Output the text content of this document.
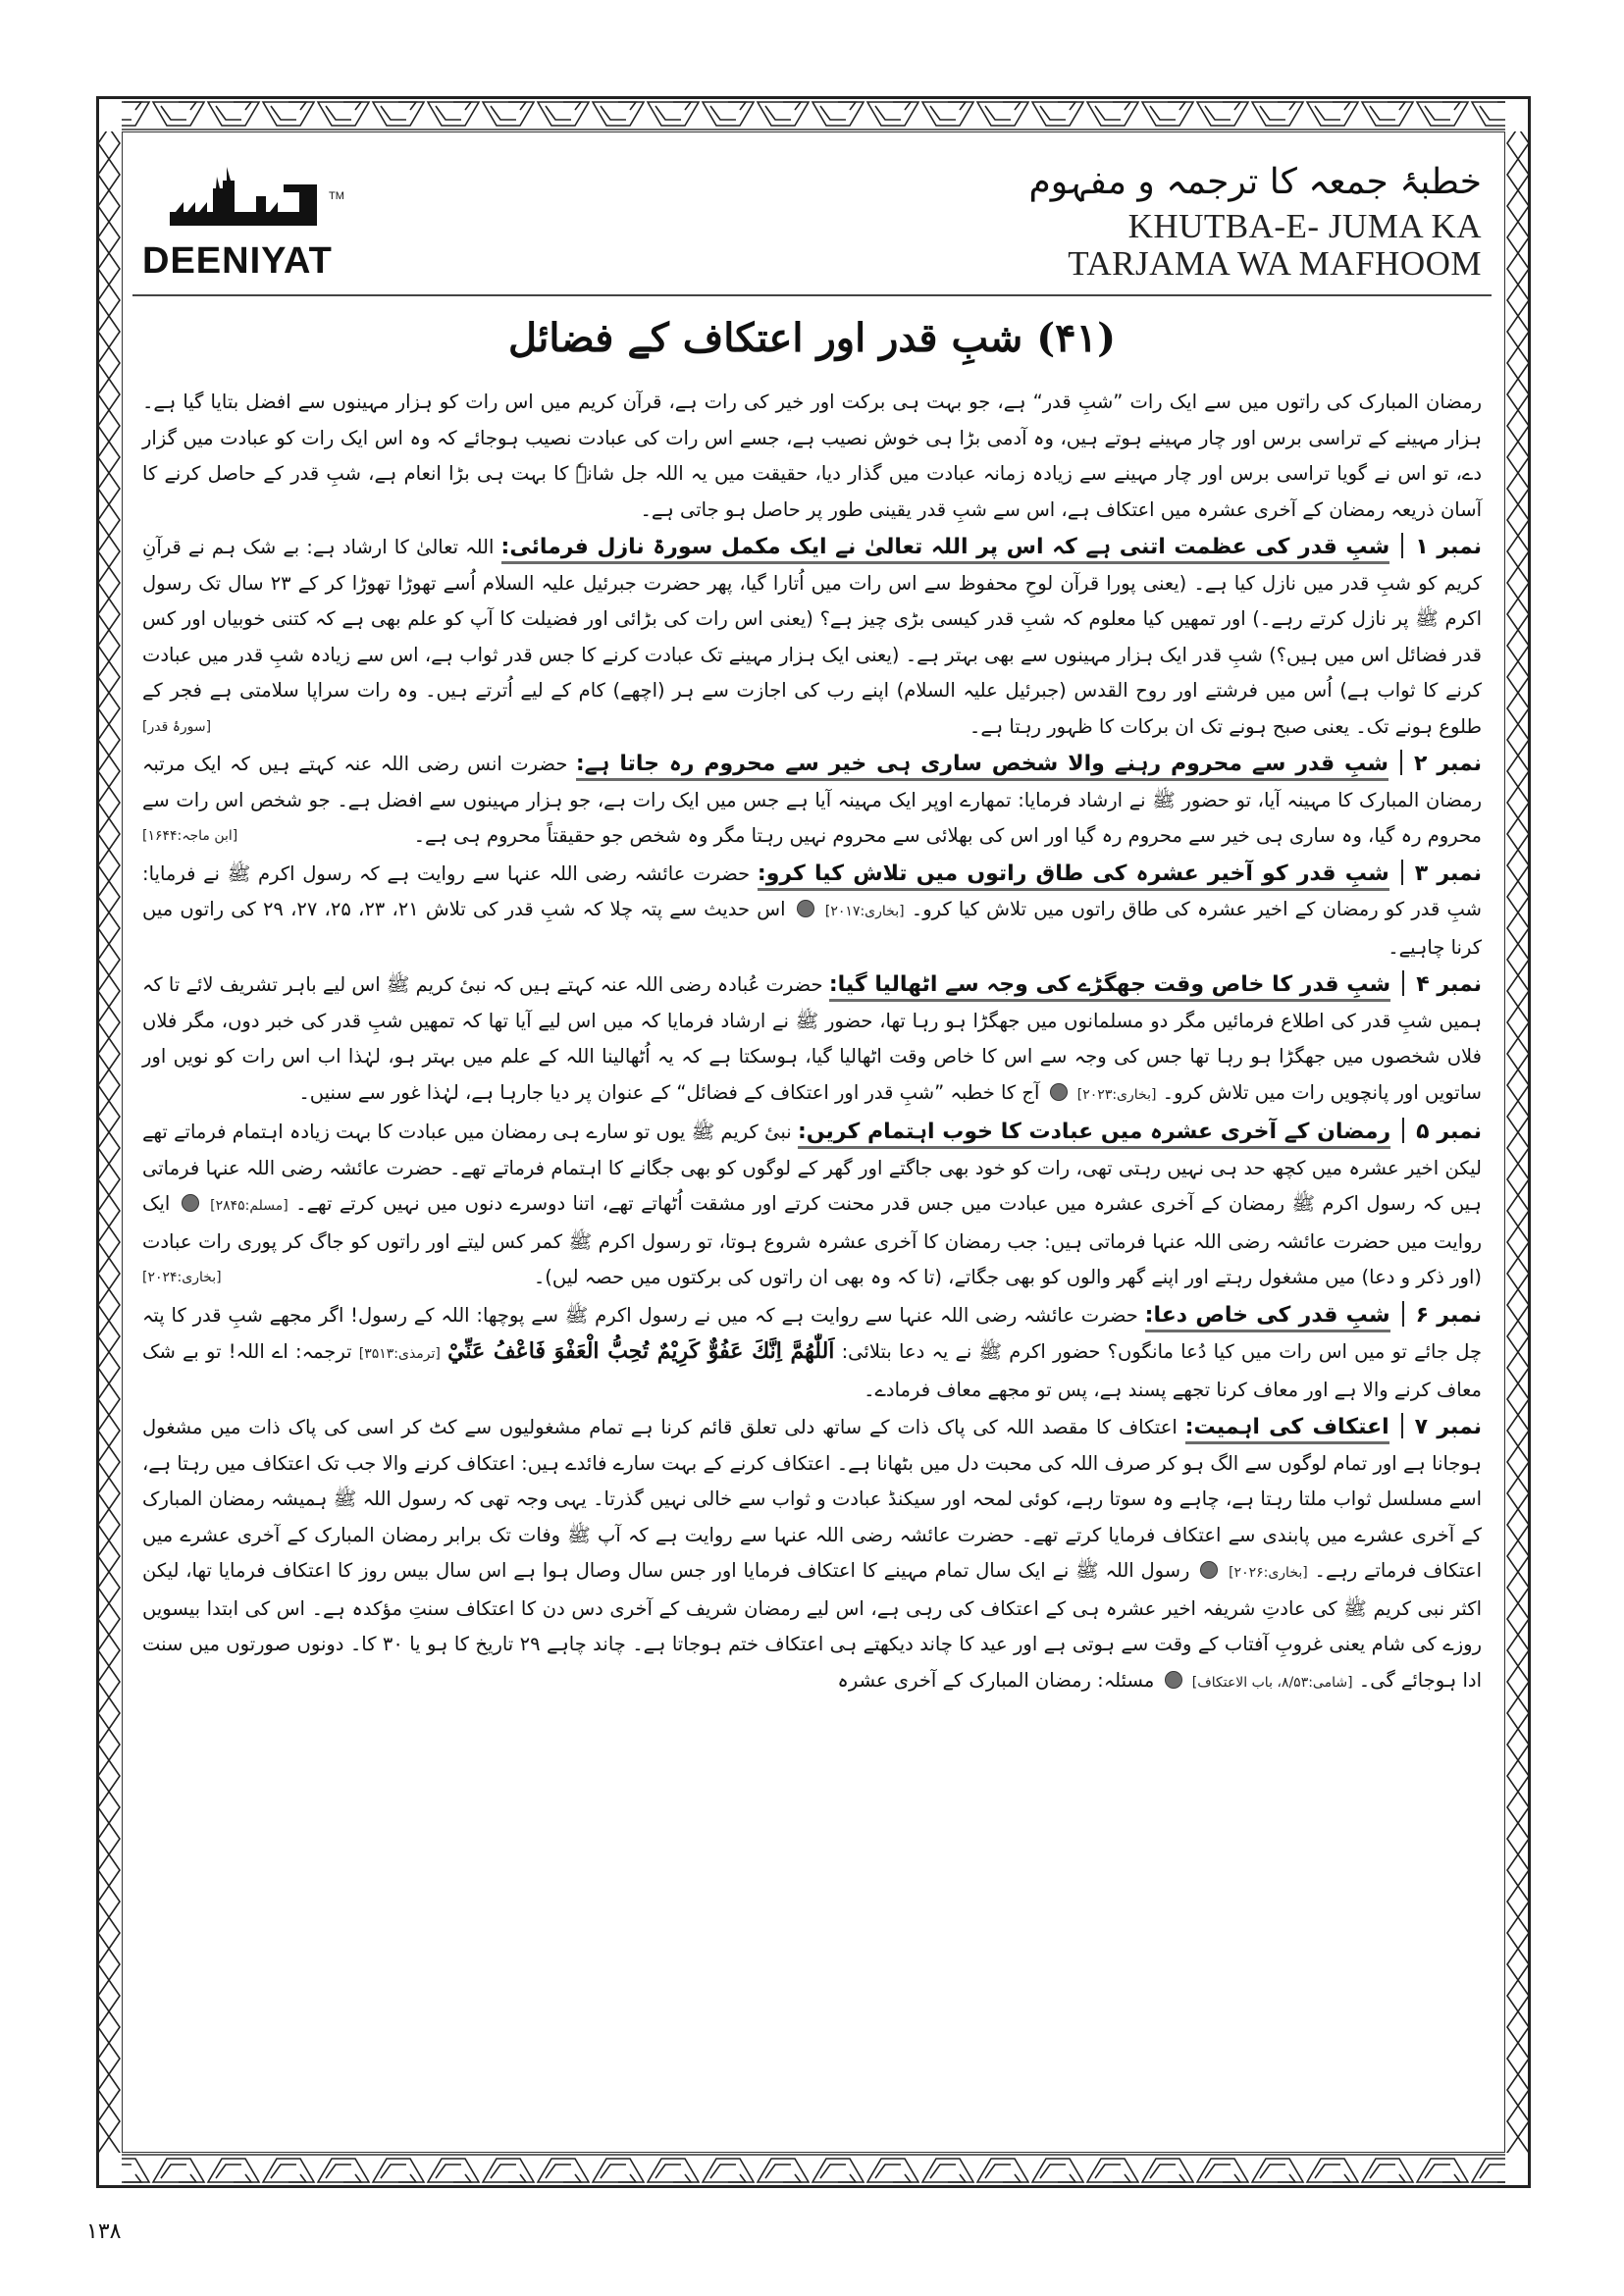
TM
DEENIYAT
خطبۂ جمعہ کا ترجمہ و مفہوم
KHUTBA-E- JUMA KA
TARJAMA WA MAFHOOM
(۴۱) شبِ قدر اور اعتکاف کے فضائل

رمضان المبارک کی راتوں میں سے ایک رات ”شبِ قدر“ ہے، جو بہت ہی برکت اور خیر کی رات ہے، قرآن کریم میں اس رات کو ہزار مہینوں سے افضل بتایا گیا ہے۔ ہزار مہینے کے تراسی برس اور چار مہینے ہوتے ہیں، وہ آدمی بڑا ہی خوش نصیب ہے، جسے اس رات کی عبادت نصیب ہوجائے کہ وہ اس ایک رات کو عبادت میں گزار دے، تو اس نے گویا تراسی برس اور چار مہینے سے زیادہ زمانہ عبادت میں گذار دیا، حقیقت میں یہ اللہ جل شانہٗ کا بہت ہی بڑا انعام ہے، شبِ قدر کے حاصل کرنے کا آسان ذریعہ رمضان کے آخری عشرہ میں اعتکاف ہے، اس سے شبِ قدر یقینی طور پر حاصل ہو جاتی ہے۔

نمبر ۱شبِ قدر کی عظمت اتنی ہے کہ اس پر اللہ تعالیٰ نے ایک مکمل سورۃ نازل فرمائی: اللہ تعالیٰ کا ارشاد ہے: بے شک ہم نے قرآنِ کریم کو شبِ قدر میں نازل کیا ہے۔ (یعنی پورا قرآن لوحِ محفوظ سے اس رات میں اُتارا گیا، پھر حضرت جبرئیل علیہ السلام اُسے تھوڑا تھوڑا کر کے ۲۳ سال تک رسول اکرم ﷺ پر نازل کرتے رہے۔) اور تمھیں کیا معلوم کہ شبِ قدر کیسی بڑی چیز ہے؟ (یعنی اس رات کی بڑائی اور فضیلت کا آپ کو علم بھی ہے کہ کتنی خوبیاں اور کس قدر فضائل اس میں ہیں؟) شبِ قدر ایک ہزار مہینوں سے بھی بہتر ہے۔ (یعنی ایک ہزار مہینے تک عبادت کرنے کا جس قدر ثواب ہے، اس سے زیادہ شبِ قدر میں عبادت کرنے کا ثواب ہے) اُس میں فرشتے اور روح القدس (جبرئیل علیہ السلام) اپنے رب کی اجازت سے ہر (اچھے) کام کے لیے اُترتے ہیں۔ وہ رات سراپا سلامتی ہے فجر کے طلوع ہونے تک۔ یعنی صبح ہونے تک ان برکات کا ظہور رہتا ہے۔
[سورۂ قدر]
نمبر ۲شبِ قدر سے محروم رہنے والا شخص ساری ہی خیر سے محروم رہ جاتا ہے: حضرت انس رضی اللہ عنہ کہتے ہیں کہ ایک مرتبہ رمضان المبارک کا مہینہ آیا، تو حضور ﷺ نے ارشاد فرمایا: تمھارے اوپر ایک مہینہ آیا ہے جس میں ایک رات ہے، جو ہزار مہینوں سے افضل ہے۔ جو شخص اس رات سے محروم رہ گیا، وہ ساری ہی خیر سے محروم رہ گیا اور اس کی بھلائی سے محروم نہیں رہتا مگر وہ شخص جو حقیقتاً محروم ہی ہے۔
[ابن ماجہ:۱۶۴۴]
نمبر ۳شبِ قدر کو آخیر عشرہ کی طاق راتوں میں تلاش کیا کرو: حضرت عائشہ رضی اللہ عنہا سے روایت ہے کہ رسول اکرم ﷺ نے فرمایا: شبِ قدر کو رمضان کے اخیر عشرہ کی طاق راتوں میں تلاش کیا کرو۔ [بخاری:۲۰۱۷]  اس حدیث سے پتہ چلا کہ شبِ قدر کی تلاش ۲۱، ۲۳، ۲۵، ۲۷، ۲۹ کی راتوں میں کرنا چاہیے۔
نمبر ۴شبِ قدر کا خاص وقت جھگڑے کی وجہ سے اٹھالیا گیا: حضرت عُبادہ رضی اللہ عنہ کہتے ہیں کہ نبیٔ کریم ﷺ اس لیے باہر تشریف لائے تا کہ ہمیں شبِ قدر کی اطلاع فرمائیں مگر دو مسلمانوں میں جھگڑا ہو رہا تھا، حضور ﷺ نے ارشاد فرمایا کہ میں اس لیے آیا تھا کہ تمھیں شبِ قدر کی خبر دوں، مگر فلاں فلاں شخصوں میں جھگڑا ہو رہا تھا جس کی وجہ سے اس کا خاص وقت اٹھالیا گیا، ہوسکتا ہے کہ یہ اُٹھالینا اللہ کے علم میں بہتر ہو، لہٰذا اب اس رات کو نویں اور ساتویں اور پانچویں رات میں تلاش کرو۔ [بخاری:۲۰۲۳]  آج کا خطبہ ”شبِ قدر اور اعتکاف کے فضائل“ کے عنوان پر دیا جارہا ہے، لہٰذا غور سے سنیں۔
نمبر ۵رمضان کے آخری عشرہ میں عبادت کا خوب اہتمام کریں: نبیٔ کریم ﷺ یوں تو سارے ہی رمضان میں عبادت کا بہت زیادہ اہتمام فرماتے تھے لیکن اخیر عشرہ میں کچھ حد ہی نہیں رہتی تھی، رات کو خود بھی جاگتے اور گھر کے لوگوں کو بھی جگانے کا اہتمام فرماتے تھے۔ حضرت عائشہ رضی اللہ عنہا فرماتی ہیں کہ رسول اکرم ﷺ رمضان کے آخری عشرہ میں عبادت میں جس قدر محنت کرتے اور مشقت اُٹھاتے تھے، اتنا دوسرے دنوں میں نہیں کرتے تھے۔ [مسلم:۲۸۴۵]  ایک روایت میں حضرت عائشہ رضی اللہ عنہا فرماتی ہیں: جب رمضان کا آخری عشرہ شروع ہوتا، تو رسول اکرم ﷺ کمر کس لیتے اور راتوں کو جاگ کر پوری رات عبادت (اور ذکر و دعا) میں مشغول رہتے اور اپنے گھر والوں کو بھی جگاتے، (تا کہ وہ بھی ان راتوں کی برکتوں میں حصہ لیں)۔
[بخاری:۲۰۲۴]
نمبر ۶شبِ قدر کی خاص دعا: حضرت عائشہ رضی اللہ عنہا سے روایت ہے کہ میں نے رسول اکرم ﷺ سے پوچھا: اللہ کے رسول! اگر مجھے شبِ قدر کا پتہ چل جائے تو میں اس رات میں کیا دُعا مانگوں؟ حضور اکرم ﷺ نے یہ دعا بتلائی: اَللّٰهُمَّ اِنَّكَ عَفُوٌّ كَرِيْمٌ تُحِبُّ الْعَفْوَ فَاعْفُ عَنِّيْ [ترمذی:۳۵۱۳] ترجمہ: اے اللہ! تو بے شک معاف کرنے والا ہے اور معاف کرنا تجھے پسند ہے، پس تو مجھے معاف فرمادے۔
نمبر ۷اعتکاف کی اہمیت: اعتکاف کا مقصد اللہ کی پاک ذات کے ساتھ دلی تعلق قائم کرنا ہے تمام مشغولیوں سے کٹ کر اسی کی پاک ذات میں مشغول ہوجانا ہے اور تمام لوگوں سے الگ ہو کر صرف اللہ کی محبت دل میں بٹھانا ہے۔ اعتکاف کرنے کے بہت سارے فائدے ہیں: اعتکاف کرنے والا جب تک اعتکاف میں رہتا ہے، اسے مسلسل ثواب ملتا رہتا ہے، چاہے وہ سوتا رہے، کوئی لمحہ اور سیکنڈ عبادت و ثواب سے خالی نہیں گذرتا۔ یہی وجہ تھی کہ رسول اللہ ﷺ ہمیشہ رمضان المبارک کے آخری عشرے میں پابندی سے اعتکاف فرمایا کرتے تھے۔ حضرت عائشہ رضی اللہ عنہا سے روایت ہے کہ آپ ﷺ وفات تک برابر رمضان المبارک کے آخری عشرے میں اعتکاف فرماتے رہے۔ [بخاری:۲۰۲۶]  رسول اللہ ﷺ نے ایک سال تمام مہینے کا اعتکاف فرمایا اور جس سال وصال ہوا ہے اس سال بیس روز کا اعتکاف فرمایا تھا، لیکن اکثر نبی کریم ﷺ کی عادتِ شریفہ اخیر عشرہ ہی کے اعتکاف کی رہی ہے، اس لیے رمضان شریف کے آخری دس دن کا اعتکاف سنتِ مؤکدہ ہے۔ اس کی ابتدا بیسویں روزے کی شام یعنی غروبِ آفتاب کے وقت سے ہوتی ہے اور عید کا چاند دیکھتے ہی اعتکاف ختم ہوجاتا ہے۔ چاند چاہے ۲۹ تاریخ کا ہو یا ۳۰ کا۔ دونوں صورتوں میں سنت ادا ہوجائے گی۔ [شامی:۸/۵۳، باب الاعتکاف]  مسئلہ: رمضان المبارک کے آخری عشرہ
۱۳۸
